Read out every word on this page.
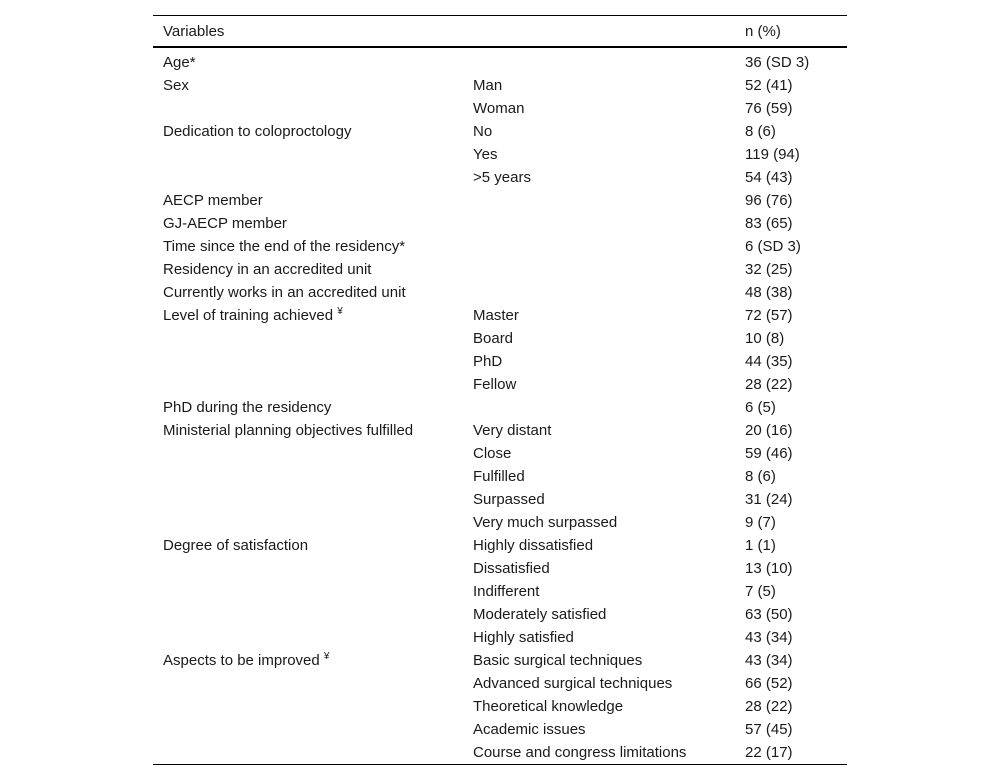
Variables		n (%)
Age*		36 (SD 3)
Sex	Man	52 (41)
	Woman	76 (59)
Dedication to coloproctology	No	8 (6)
	Yes	119 (94)
	>5 years	54 (43)
AECP member		96 (76)
GJ-AECP member		83 (65)
Time since the end of the residency*		6 (SD 3)
Residency in an accredited unit		32 (25)
Currently works in an accredited unit		48 (38)
Level of training achieved ¥	Master	72 (57)
	Board	10 (8)
	PhD	44 (35)
	Fellow	28 (22)
PhD during the residency		6 (5)
Ministerial planning objectives fulfilled	Very distant	20 (16)
	Close	59 (46)
	Fulfilled	8 (6)
	Surpassed	31 (24)
	Very much surpassed	9 (7)
Degree of satisfaction	Highly dissatisfied	1 (1)
	Dissatisfied	13 (10)
	Indifferent	7 (5)
	Moderately satisfied	63 (50)
	Highly satisfied	43 (34)
Aspects to be improved ¥	Basic surgical techniques	43 (34)
	Advanced surgical techniques	66 (52)
	Theoretical knowledge	28 (22)
	Academic issues	57 (45)
	Course and congress limitations	22 (17)
